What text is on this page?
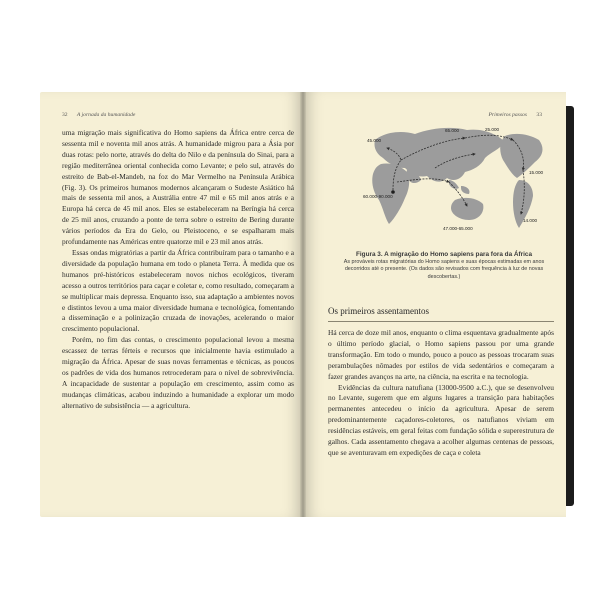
32 A jornada da humanidade

uma migração mais significativa do Homo sapiens da África entre cerca de sessenta mil e noventa mil anos atrás. A humanidade migrou para a Ásia por duas rotas: pelo norte, através do delta do Nilo e da península do Sinai, para a região mediterrânea oriental conhecida como Levante; e pelo sul, através do estreito de Bab-el-Mandeb, na foz do Mar Vermelho na Península Arábica (Fig. 3). Os primeiros humanos modernos alcançaram o Sudeste Asiático há mais de sessenta mil anos, a Austrália entre 47 mil e 65 mil anos atrás e a Europa há cerca de 45 mil anos. Eles se estabeleceram na Beríngia há cerca de 25 mil anos, cruzando a ponte de terra sobre o estreito de Bering durante vários períodos da Era do Gelo, ou Pleistoceno, e se espalharam mais profundamente nas Américas entre quatorze mil e 23 mil anos atrás.

Essas ondas migratórias a partir da África contribuíram para o tamanho e a diversidade da população humana em todo o planeta Terra. À medida que os humanos pré-históricos estabeleceram novos nichos ecológicos, tiveram acesso a outros territórios para caçar e coletar e, como resultado, começaram a se multiplicar mais depressa. Enquanto isso, sua adaptação a ambientes novos e distintos levou a uma maior diversidade humana e tecnológica, fomentando a disseminação e a polinização cruzada de inovações, acelerando o maior crescimento populacional.

Porém, no fim das contas, o crescimento populacional levou a mesma escassez de terras férteis e recursos que inicialmente havia estimulado a migração da África. Apesar de suas novas ferramentas e técnicas, as poucos os padrões de vida dos humanos retrocederam para o nível de sobrevivência. A incapacidade de sustentar a população em crescimento, assim como as mudanças climáticas, acabou induzindo a humanidade a explorar um modo alternativo de subsistência — a agricultura.

Primeiros passos 33
65.000	25.000
45.000
15.000
14.000
47.000-65.000
60.000-90.000
Figura 3. A migração do Homo sapiens para fora da África
As prováveis rotas migratórias do Homo sapiens e suas épocas estimadas em anos decorridos até o presente. (Os dados são revisados com frequência à luz de novas descobertas.)
Os primeiros assentamentos

Há cerca de doze mil anos, enquanto o clima esquentava gradualmente após o último período glacial, o Homo sapiens passou por uma grande transformação. Em todo o mundo, pouco a pouco as pessoas trocaram suas perambulações nômades por estilos de vida sedentários e começaram a fazer grandes avanços na arte, na ciência, na escrita e na tecnologia.

Evidências da cultura natufiana (13000-9500 a.C.), que se desenvolveu no Levante, sugerem que em alguns lugares a transição para habitações permanentes antecedeu o início da agricultura. Apesar de serem predominantemente caçadores-coletores, os natufianos viviam em residências estáveis, em geral feitas com fundação sólida e superestrutura de galhos. Cada assentamento chegava a acolher algumas centenas de pessoas, que se aventuravam em expedições de caça e coleta
